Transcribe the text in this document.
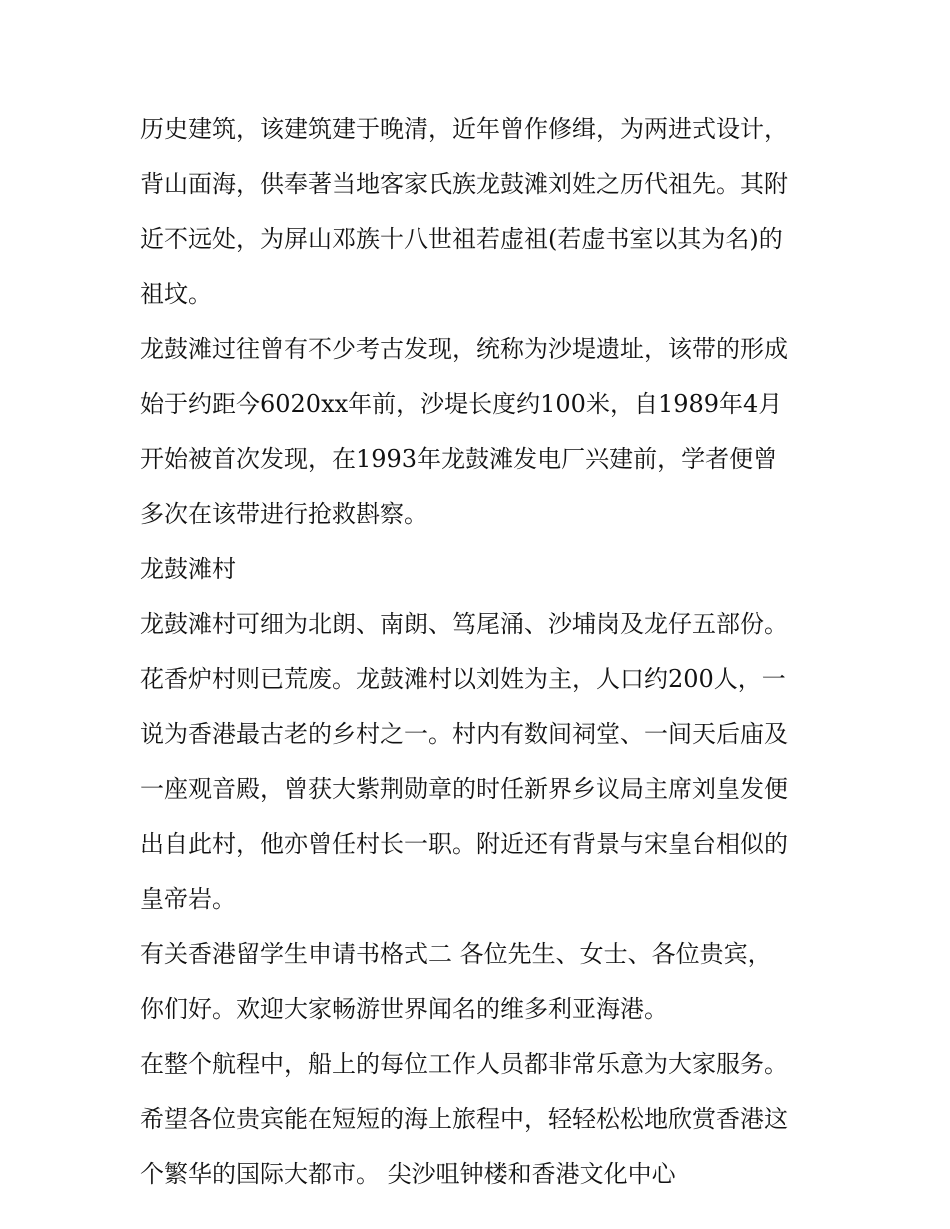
历史建筑，该建筑建于晚清，近年曾作修缉，为两进式设计，
背山面海，供奉著当地客家氏族龙鼓滩刘姓之历代祖先。其附
近不远处，为屏山邓族十八世祖若虚祖(若虚书室以其为名)的
祖坟。

龙鼓滩过往曾有不少考古发现，统称为沙堤遗址，该带的形成
始于约距今6020xx年前，沙堤长度约100米，自1989年4月
开始被首次发现，在1993年龙鼓滩发电厂兴建前，学者便曾
多次在该带进行抢救斟察。

龙鼓滩村

龙鼓滩村可细为北朗、南朗、笃尾涌、沙埔岗及龙仔五部份。
花香炉村则已荒废。龙鼓滩村以刘姓为主，人口约200人，一
说为香港最古老的乡村之一。村内有数间祠堂、一间天后庙及
一座观音殿，曾获大紫荆勋章的时任新界乡议局主席刘皇发便
出自此村，他亦曾任村长一职。附近还有背景与宋皇台相似的
皇帝岩。

有关香港留学生申请书格式二 各位先生、女士、各位贵宾，
你们好。欢迎大家畅游世界闻名的维多利亚海港。

在整个航程中，船上的每位工作人员都非常乐意为大家服务。
希望各位贵宾能在短短的海上旅程中，轻轻松松地欣赏香港这
个繁华的国际大都市。 尖沙咀钟楼和香港文化中心
